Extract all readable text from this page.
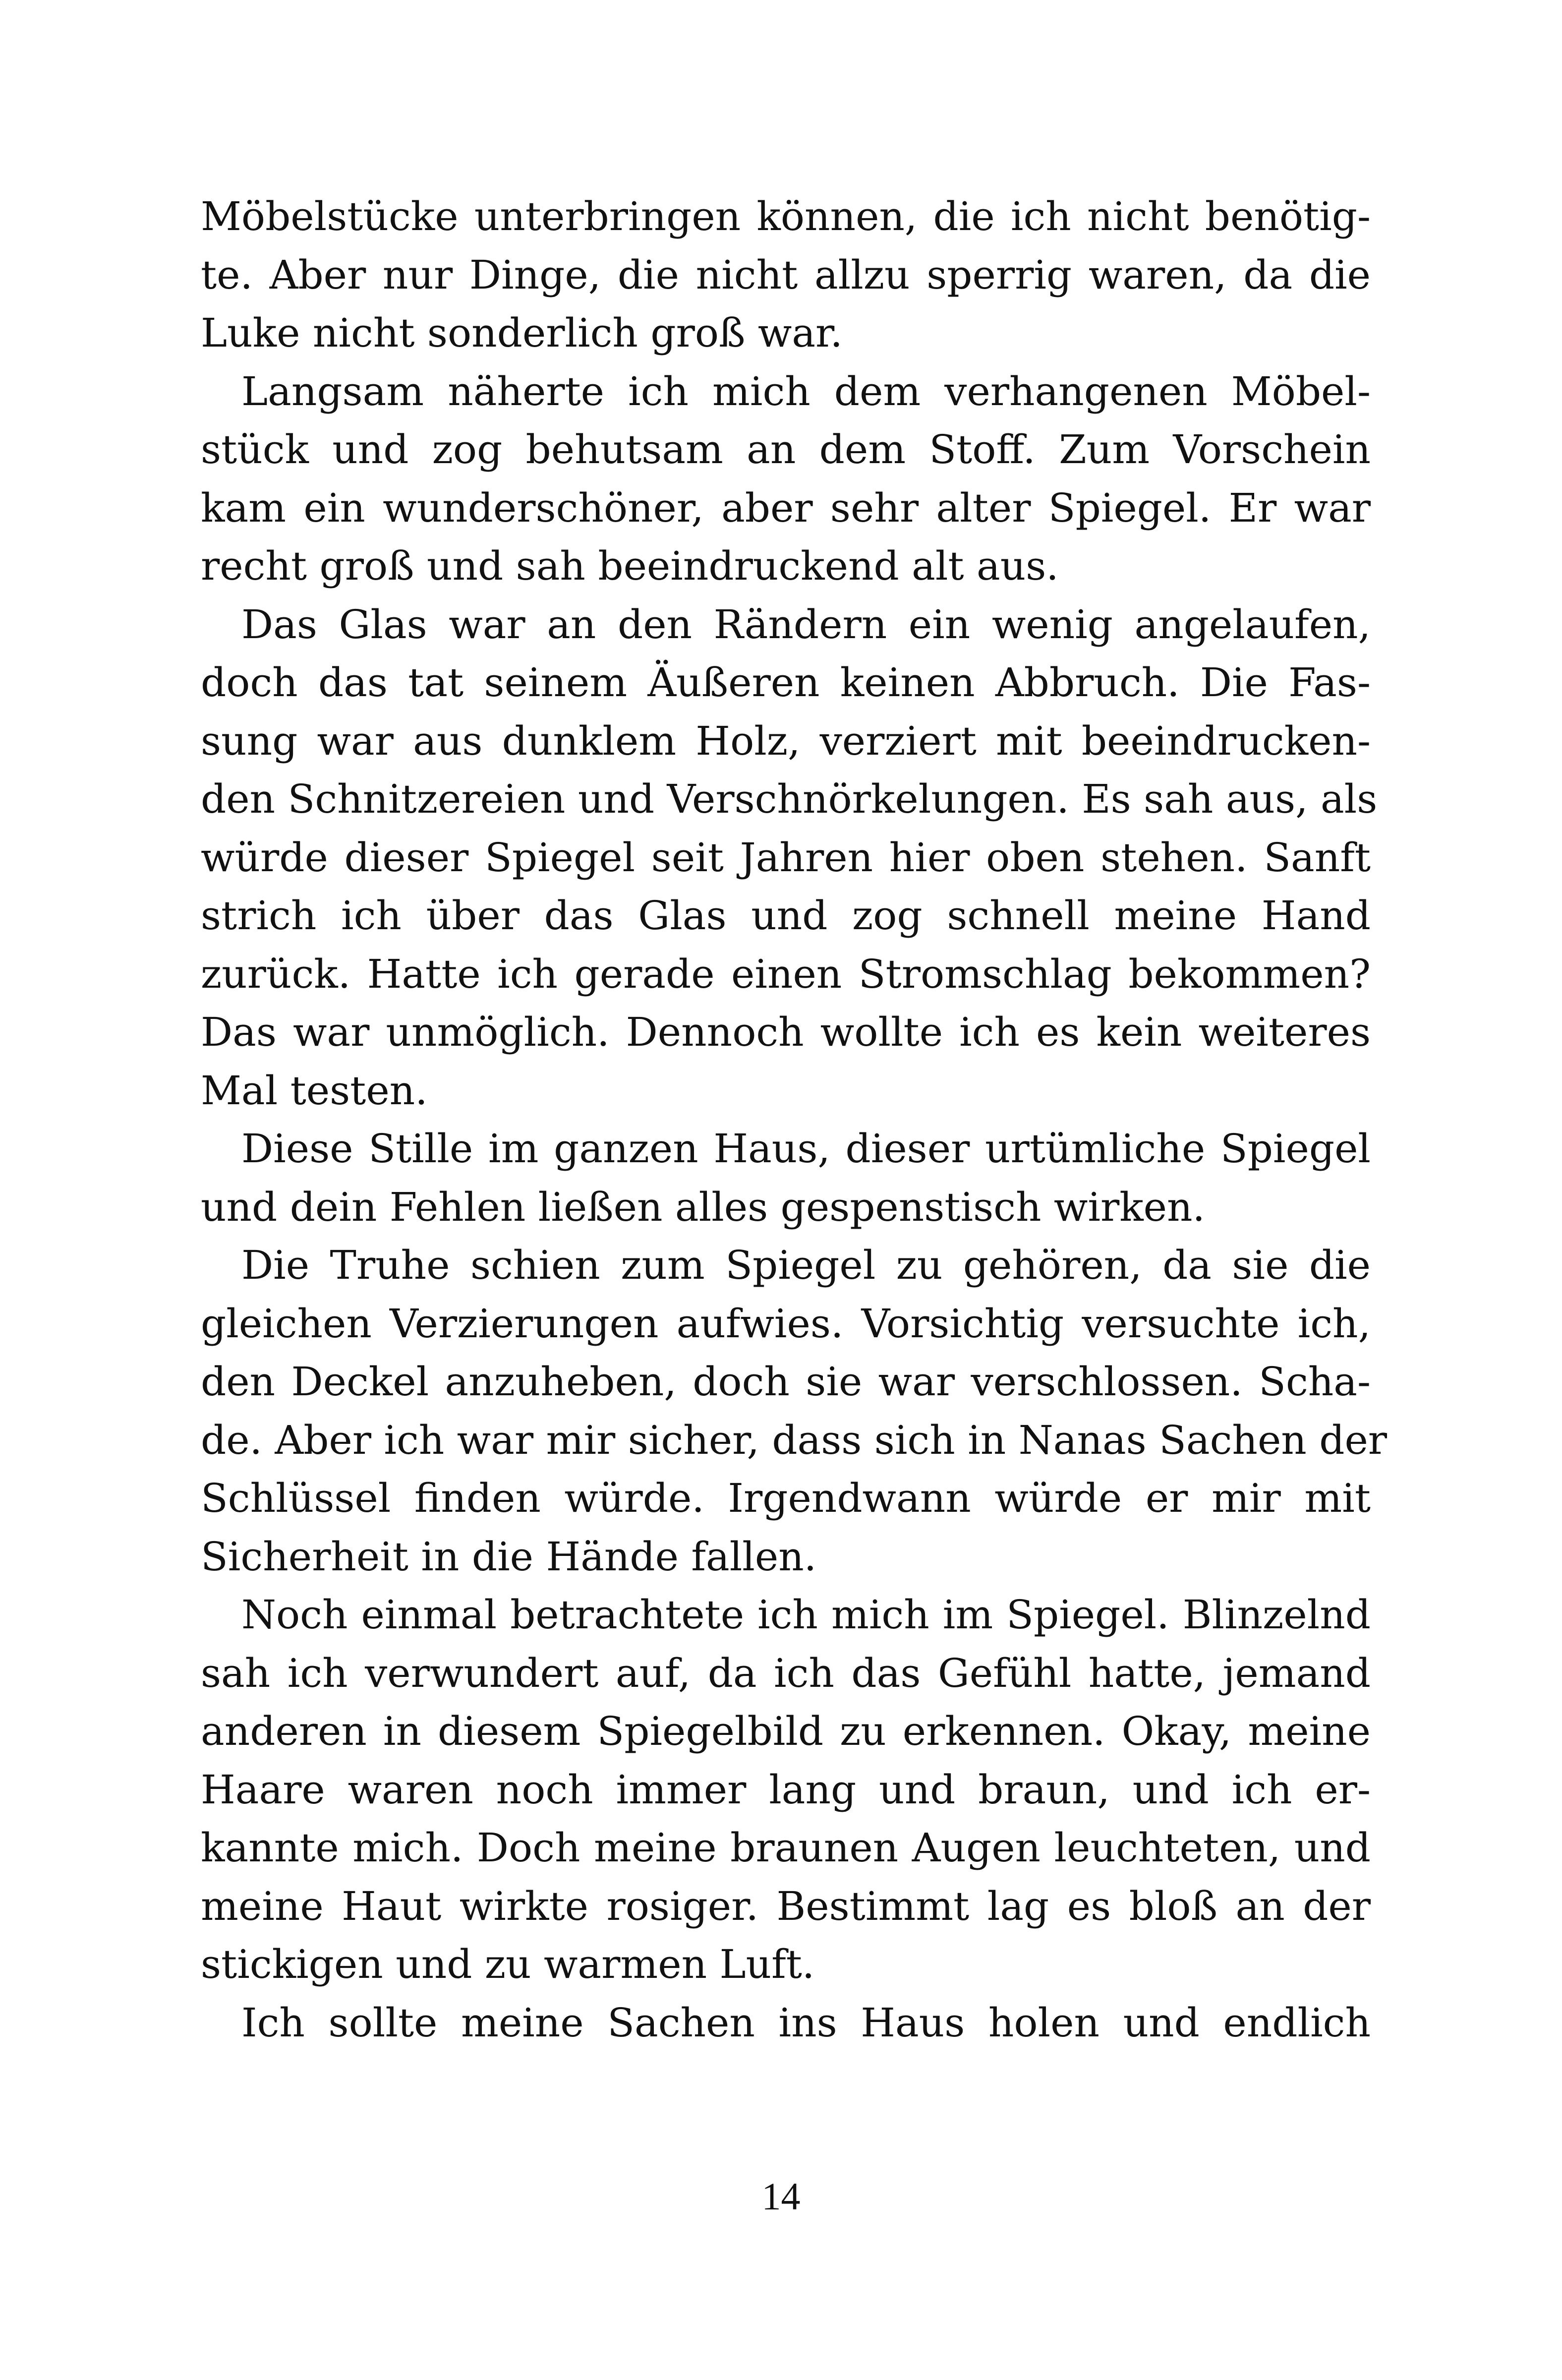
Möbelstücke unterbringen können, die ich nicht benötig-
te. Aber nur Dinge, die nicht allzu sperrig waren, da die
Luke nicht sonderlich groß war.
Langsam näherte ich mich dem verhangenen Möbel-
stück und zog behutsam an dem Stoff. Zum Vorschein
kam ein wunderschöner, aber sehr alter Spiegel. Er war
recht groß und sah beeindruckend alt aus.
Das Glas war an den Rändern ein wenig angelaufen,
doch das tat seinem Äußeren keinen Abbruch. Die Fas-
sung war aus dunklem Holz, verziert mit beeindrucken-
den Schnitzereien und Verschnörkelungen. Es sah aus, als
würde dieser Spiegel seit Jahren hier oben stehen. Sanft
strich ich über das Glas und zog schnell meine Hand
zurück. Hatte ich gerade einen Stromschlag bekommen?
Das war unmöglich. Dennoch wollte ich es kein weiteres
Mal testen.
Diese Stille im ganzen Haus, dieser urtümliche Spiegel
und dein Fehlen ließen alles gespenstisch wirken.
Die Truhe schien zum Spiegel zu gehören, da sie die
gleichen Verzierungen aufwies. Vorsichtig versuchte ich,
den Deckel anzuheben, doch sie war verschlossen. Scha-
de. Aber ich war mir sicher, dass sich in Nanas Sachen der
Schlüssel finden würde. Irgendwann würde er mir mit
Sicherheit in die Hände fallen.
Noch einmal betrachtete ich mich im Spiegel. Blinzelnd
sah ich verwundert auf, da ich das Gefühl hatte, jemand
anderen in diesem Spiegelbild zu erkennen. Okay, meine
Haare waren noch immer lang und braun, und ich er-
kannte mich. Doch meine braunen Augen leuchteten, und
meine Haut wirkte rosiger. Bestimmt lag es bloß an der
stickigen und zu warmen Luft.
Ich sollte meine Sachen ins Haus holen und endlich
14
